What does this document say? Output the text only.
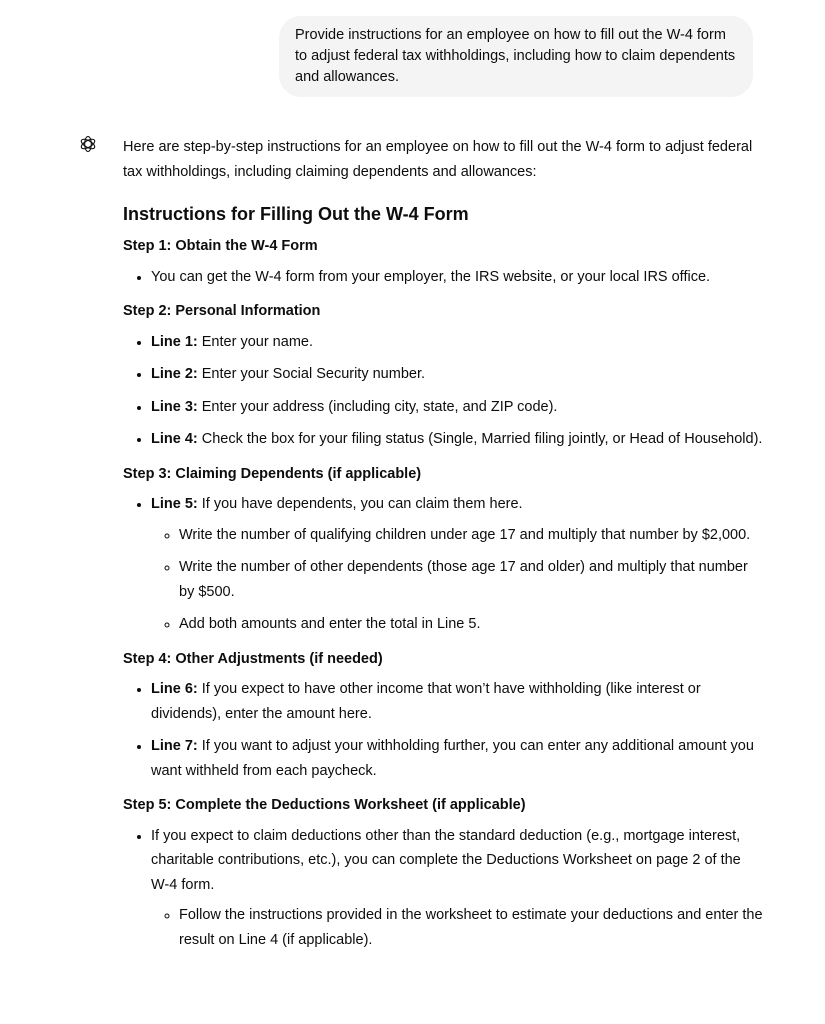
Provide instructions for an employee on how to fill out the W-4 form to adjust federal tax withholdings, including how to claim dependents and allowances.

Here are step-by-step instructions for an employee on how to fill out the W-4 form to adjust federal tax withholdings, including claiming dependents and allowances:

Instructions for Filling Out the W-4 Form

Step 1: Obtain the W-4 Form

• You can get the W-4 form from your employer, the IRS website, or your local IRS office.

Step 2: Personal Information

• Line 1: Enter your name.
• Line 2: Enter your Social Security number.
• Line 3: Enter your address (including city, state, and ZIP code).
• Line 4: Check the box for your filing status (Single, Married filing jointly, or Head of Household).

Step 3: Claiming Dependents (if applicable)

• Line 5: If you have dependents, you can claim them here.
◦ Write the number of qualifying children under age 17 and multiply that number by $2,000.
◦ Write the number of other dependents (those age 17 and older) and multiply that number by $500.
◦ Add both amounts and enter the total in Line 5.

Step 4: Other Adjustments (if needed)

• Line 6: If you expect to have other income that won’t have withholding (like interest or dividends), enter the amount here.
• Line 7: If you want to adjust your withholding further, you can enter any additional amount you want withheld from each paycheck.

Step 5: Complete the Deductions Worksheet (if applicable)

• If you expect to claim deductions other than the standard deduction (e.g., mortgage interest, charitable contributions, etc.), you can complete the Deductions Worksheet on page 2 of the W-4 form.
◦ Follow the instructions provided in the worksheet to estimate your deductions and enter the result on Line 4 (if applicable).
